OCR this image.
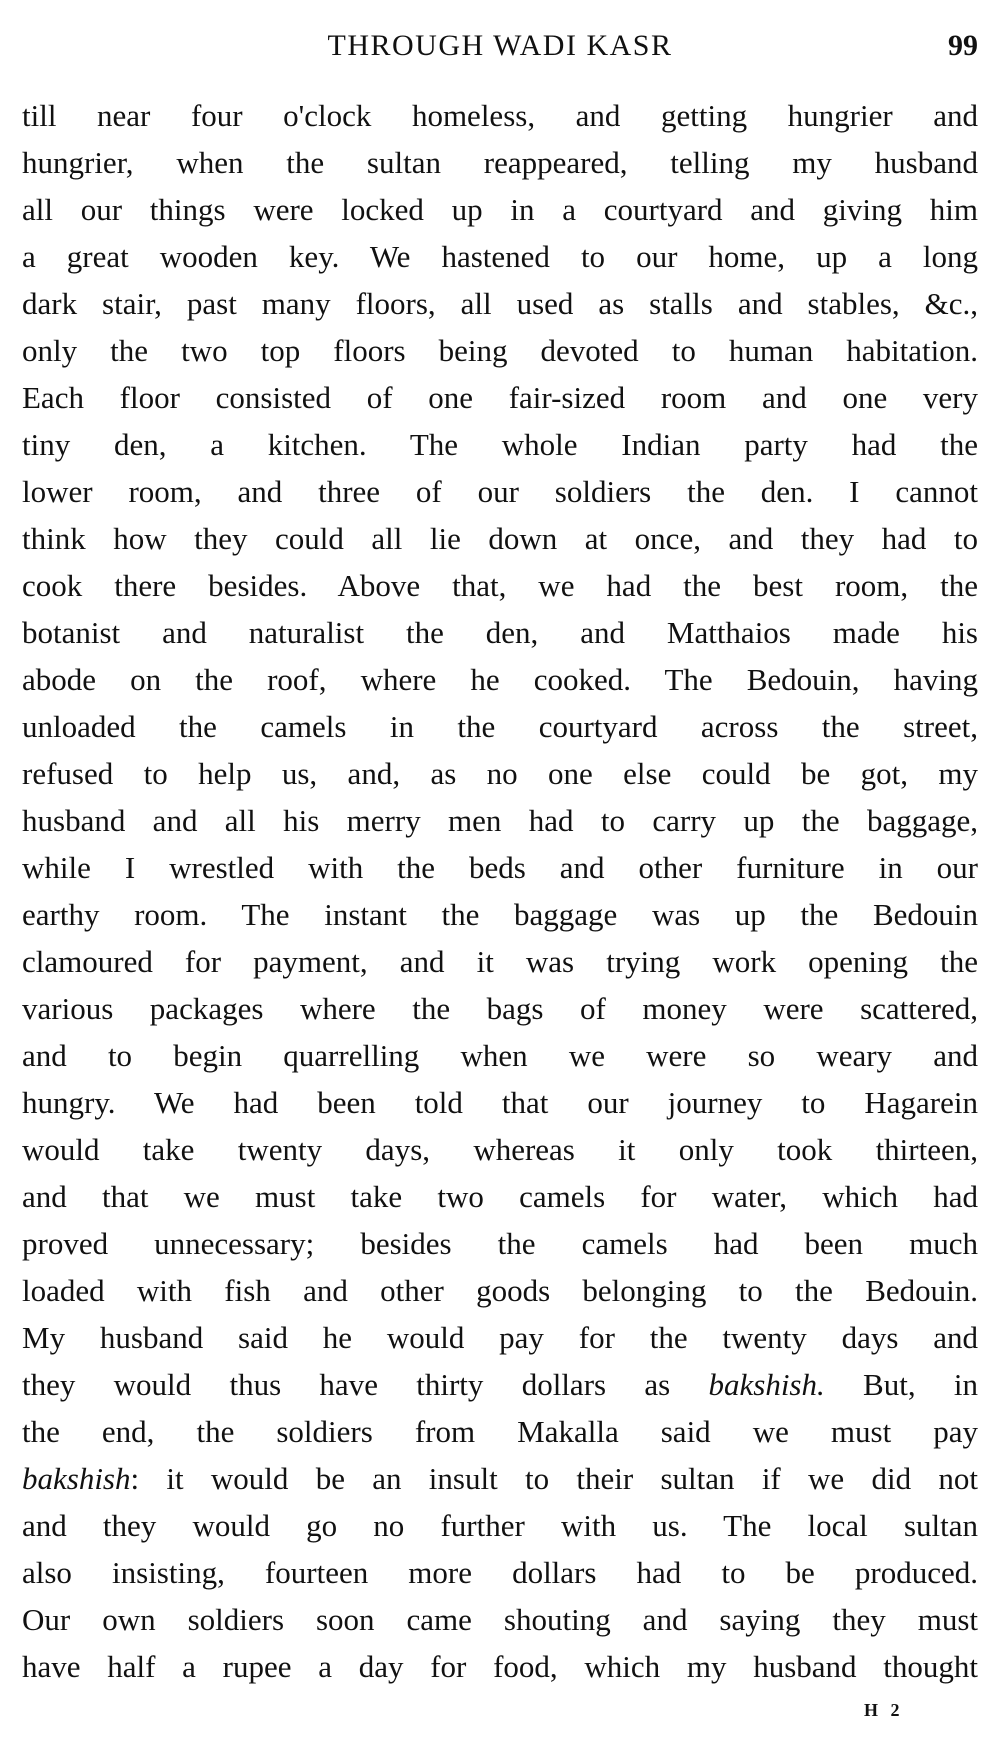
THROUGH WADI KASR	99
till near four o'clock homeless, and getting hungrier and
hungrier, when the sultan reappeared, telling my husband
all our things were locked up in a courtyard and giving him
a great wooden key. We hastened to our home, up a long
dark stair, past many floors, all used as stalls and stables, &c.,
only the two top floors being devoted to human habitation.
Each floor consisted of one fair-sized room and one very
tiny den, a kitchen. The whole Indian party had the
lower room, and three of our soldiers the den. I cannot
think how they could all lie down at once, and they had to
cook there besides. Above that, we had the best room, the
botanist and naturalist the den, and Matthaios made his
abode on the roof, where he cooked. The Bedouin, having
unloaded the camels in the courtyard across the street,
refused to help us, and, as no one else could be got, my
husband and all his merry men had to carry up the baggage,
while I wrestled with the beds and other furniture in our
earthy room. The instant the baggage was up the Bedouin
clamoured for payment, and it was trying work opening the
various packages where the bags of money were scattered,
and to begin quarrelling when we were so weary and
hungry. We had been told that our journey to Hagarein
would take twenty days, whereas it only took thirteen,
and that we must take two camels for water, which had
proved unnecessary; besides the camels had been much
loaded with fish and other goods belonging to the Bedouin.
My husband said he would pay for the twenty days and
they would thus have thirty dollars as bakshish. But, in
the end, the soldiers from Makalla said we must pay
bakshish: it would be an insult to their sultan if we did not
and they would go no further with us. The local sultan
also insisting, fourteen more dollars had to be produced.
Our own soldiers soon came shouting and saying they must
have half a rupee a day for food, which my husband thought
H 2
